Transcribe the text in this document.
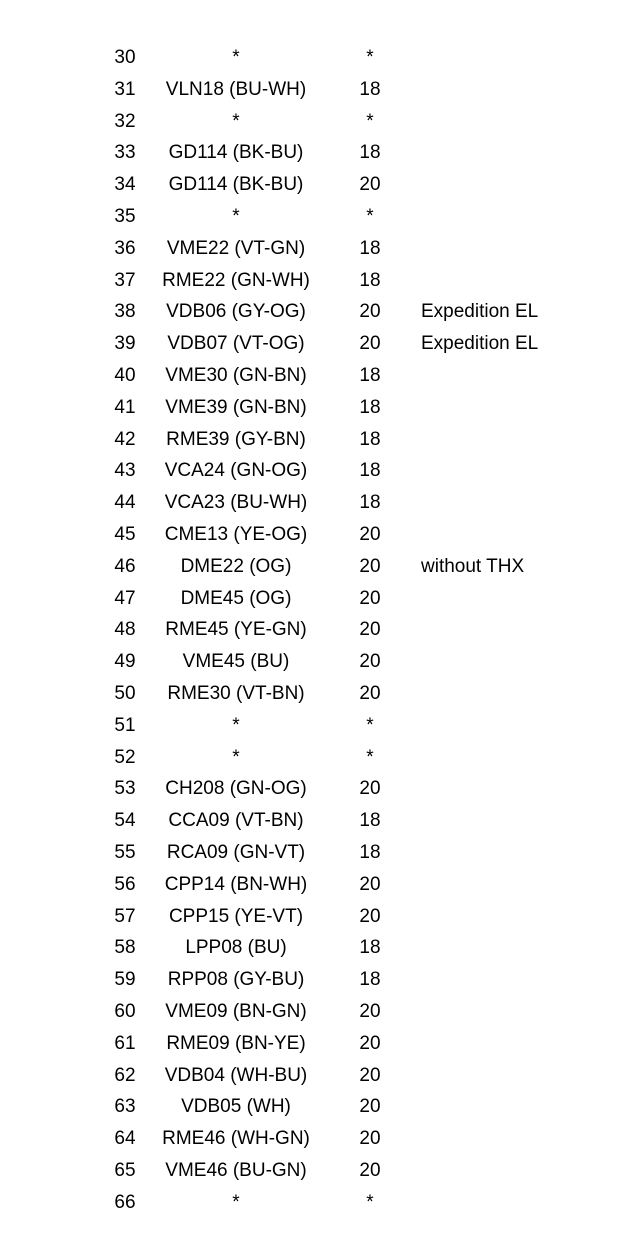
30	*	*
31	VLN18 (BU-WH)	18
32	*	*
33	GD114 (BK-BU)	18
34	GD114 (BK-BU)	20
35	*	*
36	VME22 (VT-GN)	18
37	RME22 (GN-WH)	18
38	VDB06 (GY-OG)	20	Expedition EL
39	VDB07 (VT-OG)	20	Expedition EL
40	VME30 (GN-BN)	18
41	VME39 (GN-BN)	18
42	RME39 (GY-BN)	18
43	VCA24 (GN-OG)	18
44	VCA23 (BU-WH)	18
45	CME13 (YE-OG)	20
46	DME22 (OG)	20	without THX
47	DME45 (OG)	20
48	RME45 (YE-GN)	20
49	VME45 (BU)	20
50	RME30 (VT-BN)	20
51	*	*
52	*	*
53	CH208 (GN-OG)	20
54	CCA09 (VT-BN)	18
55	RCA09 (GN-VT)	18
56	CPP14 (BN-WH)	20
57	CPP15 (YE-VT)	20
58	LPP08 (BU)	18
59	RPP08 (GY-BU)	18
60	VME09 (BN-GN)	20
61	RME09 (BN-YE)	20
62	VDB04 (WH-BU)	20
63	VDB05 (WH)	20
64	RME46 (WH-GN)	20
65	VME46 (BU-GN)	20
66	*	*
